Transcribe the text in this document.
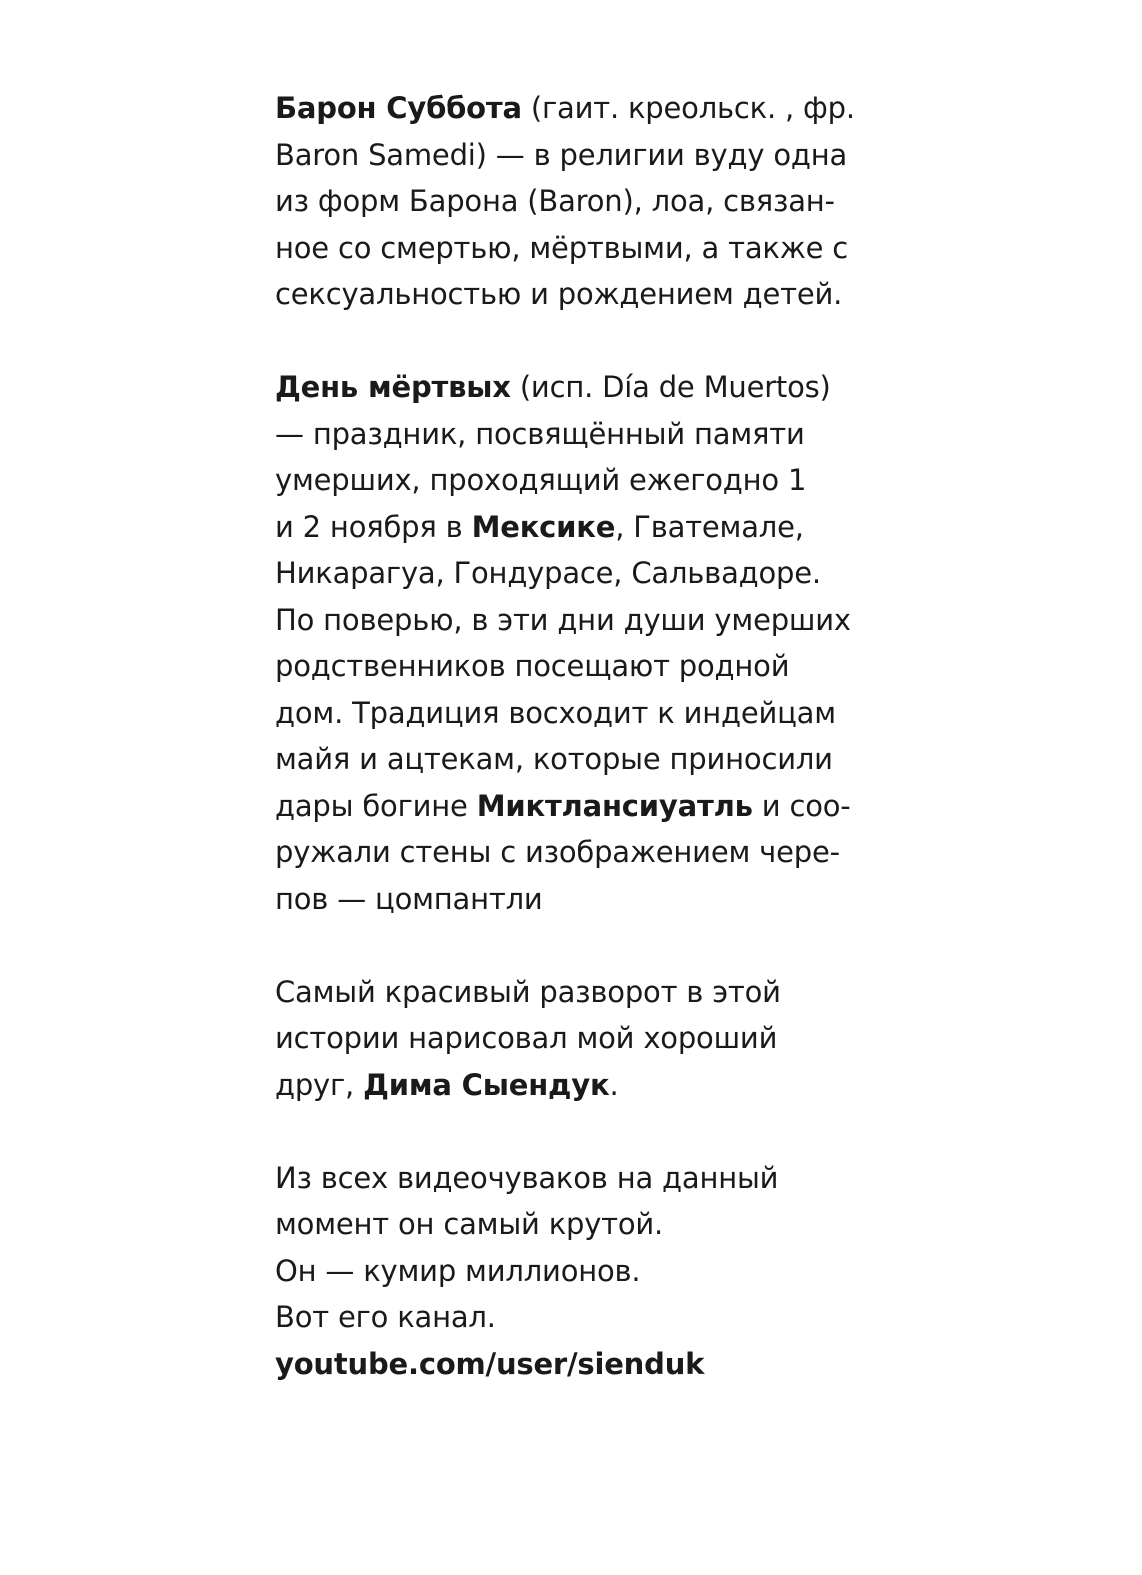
Барон Суббота (гаит. креольск. , фр.
Baron Samedi) — в религии вуду одна
из форм Барона (Baron), лоа, связан-
ное со смертью, мёртвыми, а также с
сексуальностью и рождением детей.
День мёртвых (исп. Día de Muertos)
— праздник, посвящённый памяти
умерших, проходящий ежегодно 1
и 2 ноября в Мексике, Гватемале,
Никарагуа, Гондурасе, Сальвадоре.
По поверью, в эти дни души умерших
родственников посещают родной
дом. Традиция восходит к индейцам
майя и ацтекам, которые приносили
дары богине Миктлансиуатль и соо-
ружали стены с изображением чере-
пов — цомпантли
Самый красивый разворот в этой
истории нарисовал мой хороший
друг, Дима Сыендук.
Из всех видеочуваков на данный
момент он самый крутой.
Он — кумир миллионов.
Вот его канал.
youtube.com/user/sienduk
